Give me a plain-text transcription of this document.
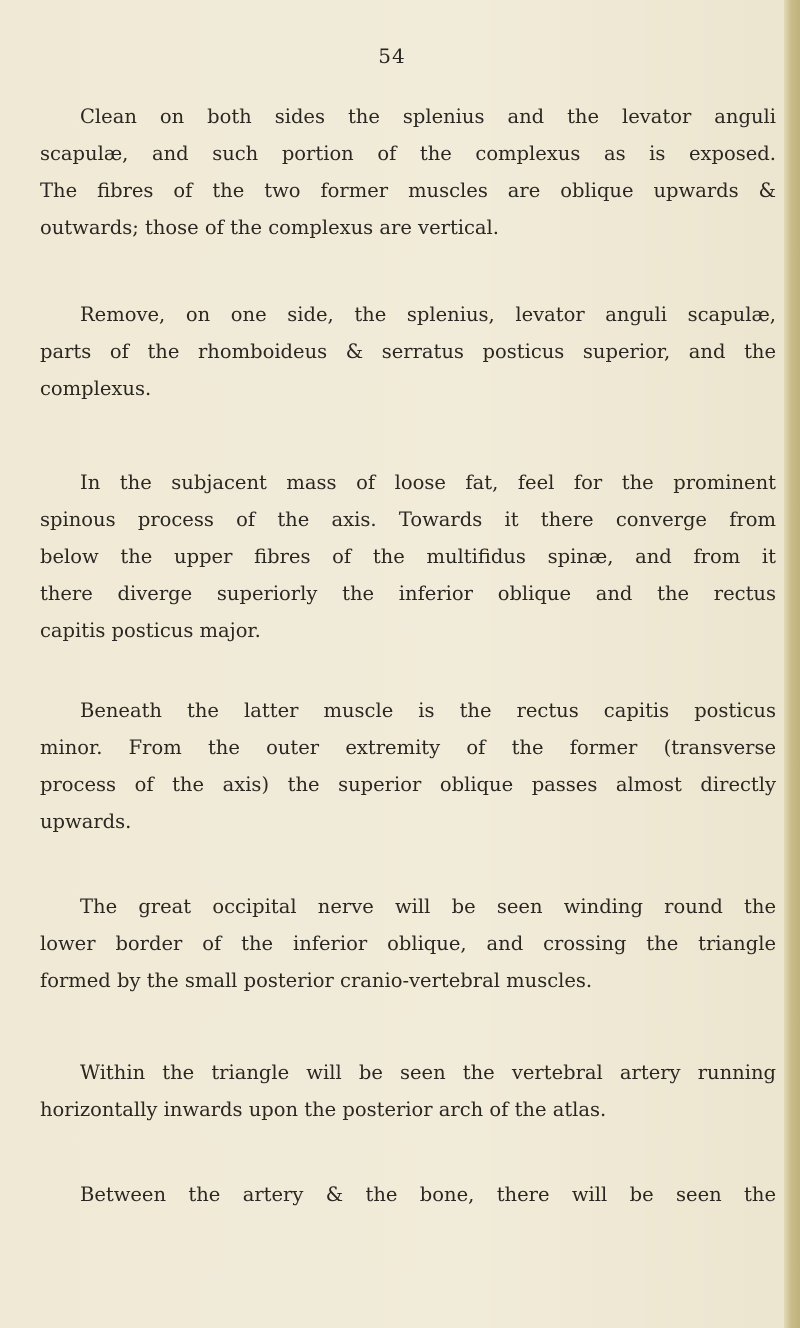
54
Clean on both sides the splenius and the levator anguli
scapulæ, and such portion of the complexus as is exposed.
The fibres of the two former muscles are oblique upwards &
outwards; those of the complexus are vertical.
Remove, on one side, the splenius, levator anguli scapulæ,
parts of the rhomboideus & serratus posticus superior, and the
complexus.
In the subjacent mass of loose fat, feel for the prominent
spinous process of the axis. Towards it there converge from
below the upper fibres of the multifidus spinæ, and from it
there diverge superiorly the inferior oblique and the rectus
capitis posticus major.
Beneath the latter muscle is the rectus capitis posticus
minor. From the outer extremity of the former (transverse
process of the axis) the superior oblique passes almost directly
upwards.
The great occipital nerve will be seen winding round the
lower border of the inferior oblique, and crossing the triangle
formed by the small posterior cranio-vertebral muscles.
Within the triangle will be seen the vertebral artery running
horizontally inwards upon the posterior arch of the atlas.
Between the artery & the bone, there will be seen the
